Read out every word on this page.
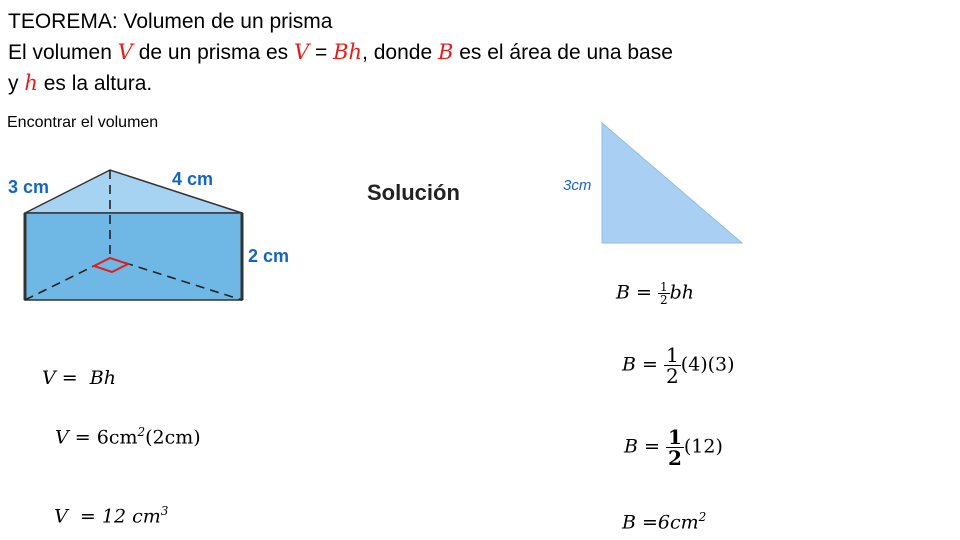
TEOREMA: Volumen de un prisma
El volumen V de un prisma es V = Bh, donde B es el área de una base
y h es la altura.
Encontrar el volumen
3 cm	4 cm
2 cm
Solución	3cm
$B = \frac{1}{2}$ bh
$B = \frac{1}{2} (4)(3)$
$B = \frac{1}{2} (12)$
$B =6cm^2$
V =  Bh
$V = 6cm^2(2cm)$

V  = 12 $cm^3$
